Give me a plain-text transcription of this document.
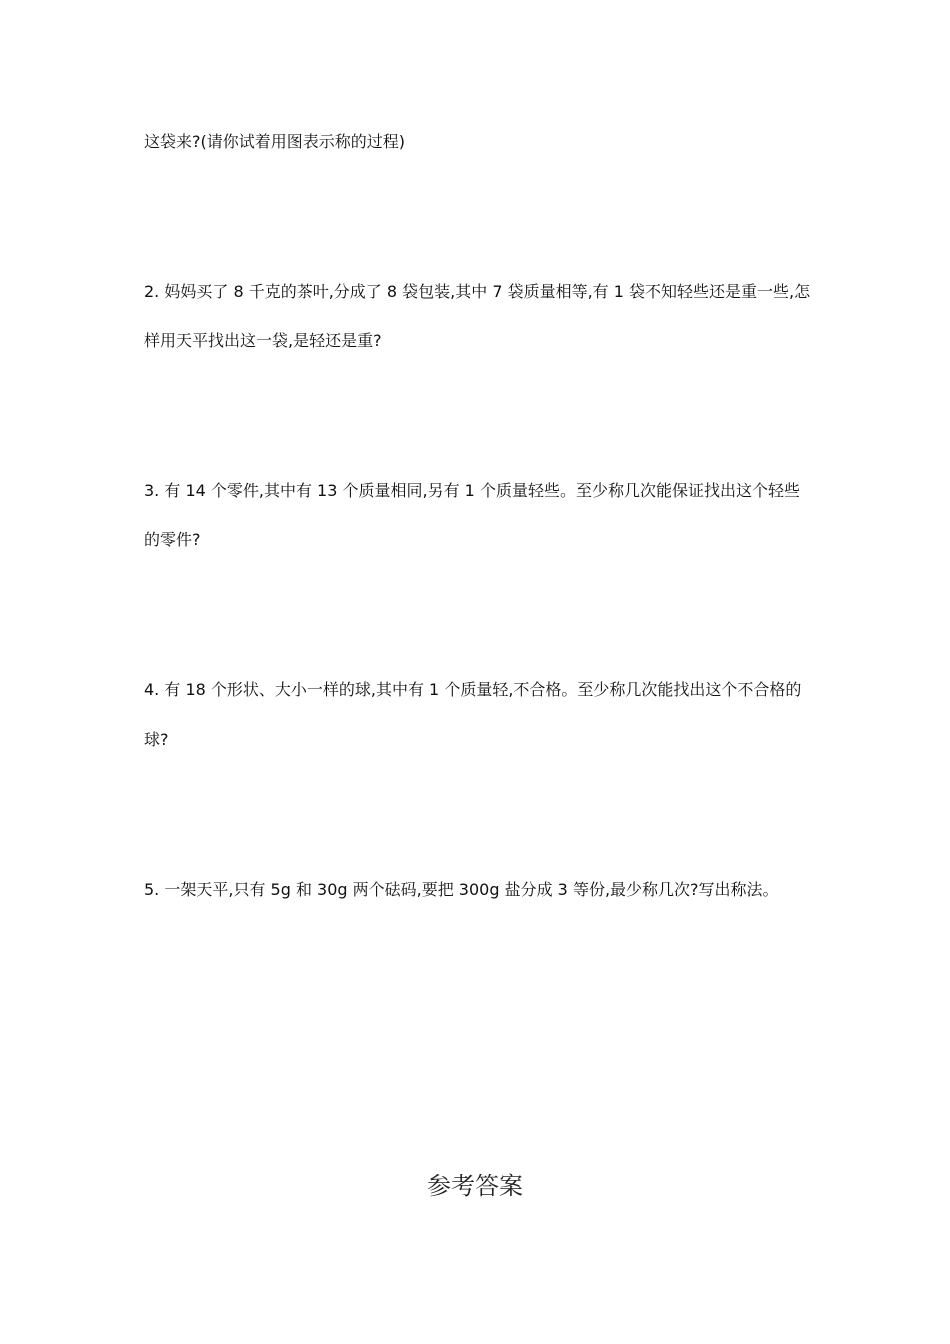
这袋来?(请你试着用图表示称的过程)
2. 妈妈买了 8 千克的茶叶,分成了 8 袋包装,其中 7 袋质量相等,有 1 袋不知轻些还是重一些,怎
样用天平找出这一袋,是轻还是重?
3. 有 14 个零件,其中有 13 个质量相同,另有 1 个质量轻些。至少称几次能保证找出这个轻些
的零件?
4. 有 18 个形状、大小一样的球,其中有 1 个质量轻,不合格。至少称几次能找出这个不合格的
球?
5. 一架天平,只有 5g 和 30g 两个砝码,要把 300g 盐分成 3 等份,最少称几次?写出称法。
参考答案
